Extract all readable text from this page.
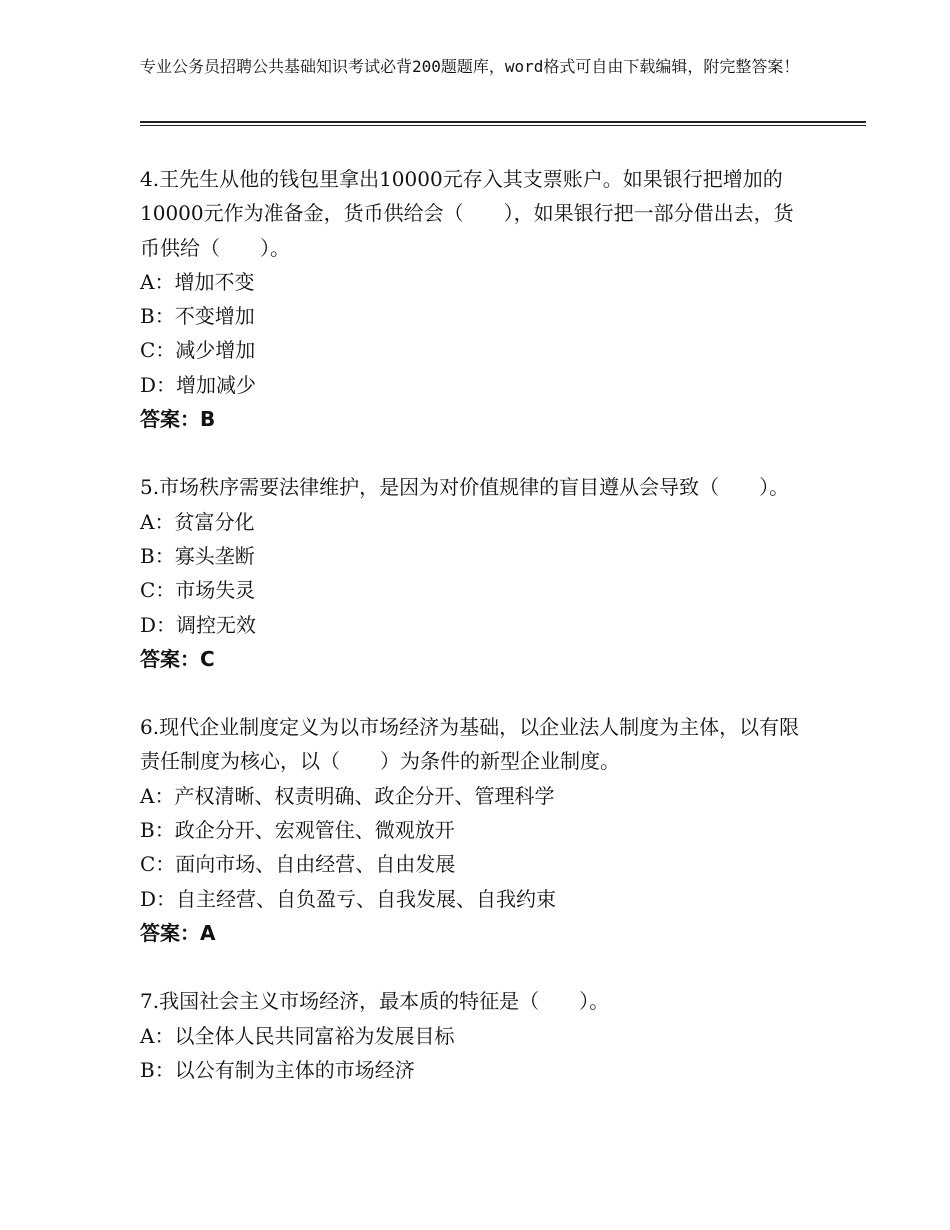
专业公务员招聘公共基础知识考试必背200题题库，word格式可自由下载编辑，附完整答案！

4.王先生从他的钱包里拿出10000元存入其支票账户。如果银行把增加的10000元作为准备金，货币供给会（　　），如果银行把一部分借出去，货币供给（　　）。

A：增加不变

B：不变增加

C：减少增加

D：增加减少

答案：B

5.市场秩序需要法律维护，是因为对价值规律的盲目遵从会导致（　　）。

A：贫富分化

B：寡头垄断

C：市场失灵

D：调控无效

答案：C

6.现代企业制度定义为以市场经济为基础，以企业法人制度为主体，以有限责任制度为核心，以（　　）为条件的新型企业制度。

A：产权清晰、权责明确、政企分开、管理科学

B：政企分开、宏观管住、微观放开

C：面向市场、自由经营、自由发展

D：自主经营、自负盈亏、自我发展、自我约束

答案：A

7.我国社会主义市场经济，最本质的特征是（　　）。

A：以全体人民共同富裕为发展目标

B：以公有制为主体的市场经济
